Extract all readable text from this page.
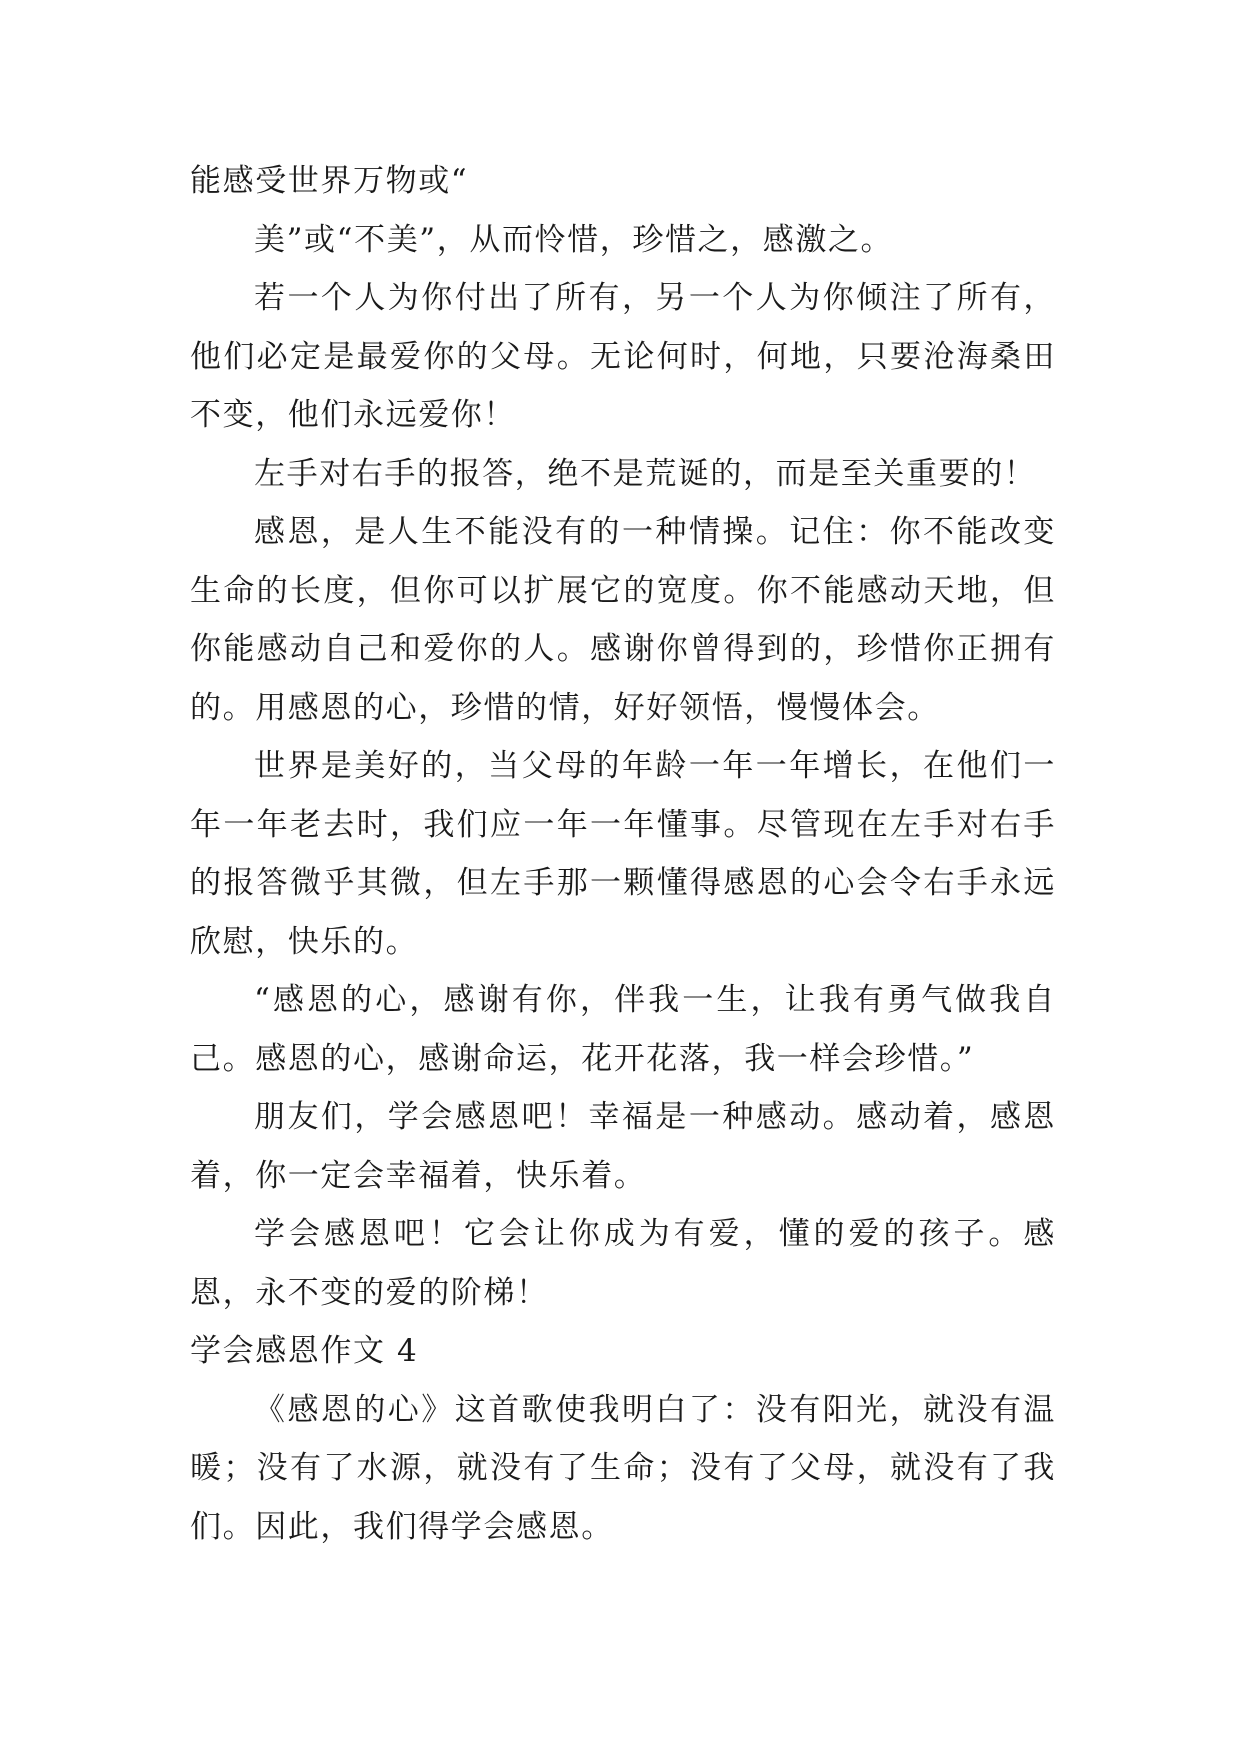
能感受世界万物或“

美”或“不美”，从而怜惜，珍惜之，感激之。

若一个人为你付出了所有，另一个人为你倾注了所有，他们必定是最爱你的父母。无论何时，何地，只要沧海桑田不变，他们永远爱你！

左手对右手的报答，绝不是荒诞的，而是至关重要的！

感恩，是人生不能没有的一种情操。记住：你不能改变生命的长度，但你可以扩展它的宽度。你不能感动天地，但你能感动自己和爱你的人。感谢你曾得到的，珍惜你正拥有的。用感恩的心，珍惜的情，好好领悟，慢慢体会。

世界是美好的，当父母的年龄一年一年增长，在他们一年一年老去时，我们应一年一年懂事。尽管现在左手对右手的报答微乎其微，但左手那一颗懂得感恩的心会令右手永远欣慰，快乐的。

“感恩的心，感谢有你，伴我一生，让我有勇气做我自己。感恩的心，感谢命运，花开花落，我一样会珍惜。”

朋友们，学会感恩吧！幸福是一种感动。感动着，感恩着，你一定会幸福着，快乐着。

学会感恩吧！它会让你成为有爱，懂的爱的孩子。感恩，永不变的爱的阶梯！

学会感恩作文 4

《感恩的心》这首歌使我明白了：没有阳光，就没有温暖；没有了水源，就没有了生命；没有了父母，就没有了我们。因此，我们得学会感恩。
